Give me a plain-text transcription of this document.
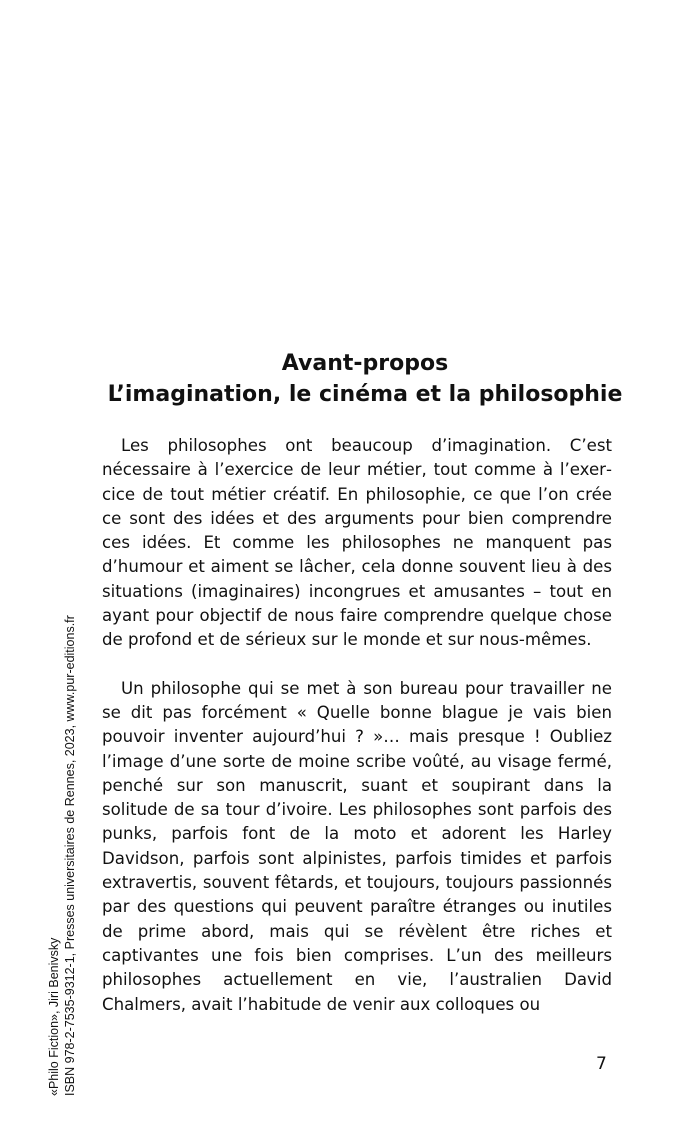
Avant-propos
L’imagination, le cinéma et la philosophie

Les philosophes ont beaucoup d’imagination. C’est nécessaire à l’exercice de leur métier, tout comme à l’exercice de tout métier créatif. En philosophie, ce que l’on crée ce sont des idées et des arguments pour bien comprendre ces idées. Et comme les philosophes ne manquent pas d’humour et aiment se lâcher, cela donne souvent lieu à des situations (imaginaires) incongrues et amusantes – tout en ayant pour objectif de nous faire comprendre quelque chose de profond et de sérieux sur le monde et sur nous-mêmes.

Un philosophe qui se met à son bureau pour travailler ne se dit pas forcément « Quelle bonne blague je vais bien pouvoir inventer aujourd’hui ? »… mais presque ! Oubliez l’image d’une sorte de moine scribe voûté, au visage fermé, penché sur son manuscrit, suant et soupirant dans la solitude de sa tour d’ivoire. Les philosophes sont parfois des punks, parfois font de la moto et adorent les Harley Davidson, parfois sont alpinistes, parfois timides et parfois extravertis, souvent fêtards, et toujours, toujours passionnés par des questions qui peuvent paraître étranges ou inutiles de prime abord, mais qui se révèlent être riches et captivantes une fois bien comprises. L’un des meilleurs philosophes actuellement en vie, l’australien David Chalmers, avait l’habitude de venir aux colloques ou

7
«Philo Fiction», Jiri Benivsky ISBN 978-2-7535-9312-1, Presses universitaires de Rennes, 2023, www.pur-editions.fr
